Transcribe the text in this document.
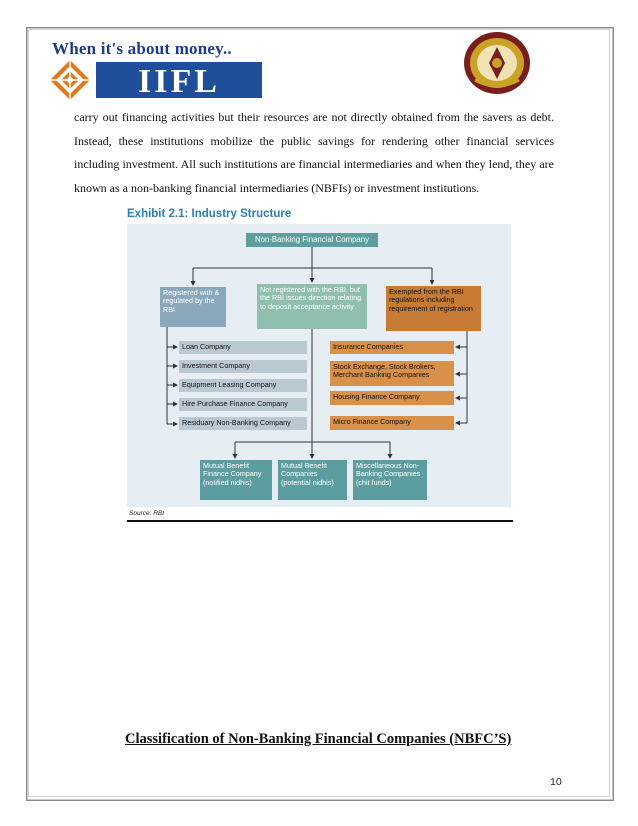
IIFL
When it's about money..
carry out financing activities but their resources are not directly obtained from the savers as debt. Instead, these institutions mobilize the public savings for rendering other financial services including investment. All such institutions are financial intermediaries and when they lend, they are known as a non-banking financial intermediaries (NBFIs) or investment institutions.
Exhibit 2.1: Industry Structure
Non-Banking Financial Company
Registered with & regulated by the RBI
Not registered with the RBI, but the RBI issues direction relating to deposit acceptance activity
Exempted from the RBI regulations including requirement of registration
Loan Company
Investment Company
Equipment Leasing Company
Hire Purchase Finance Company
Residuary Non-Banking Company
Insurance Companies
Stock Exchange, Stock Brokers, Merchant Banking Companies
Housing Finance Company
Micro Finance Company
Mutual Benefit Finance Company (notified nidhis)
Mutual Benefit Companies (potential nidhis)
Miscellaneous Non-Banking Companies (chit funds)
Source: RBI
Classification of Non-Banking Financial Companies (NBFC’S)
10
